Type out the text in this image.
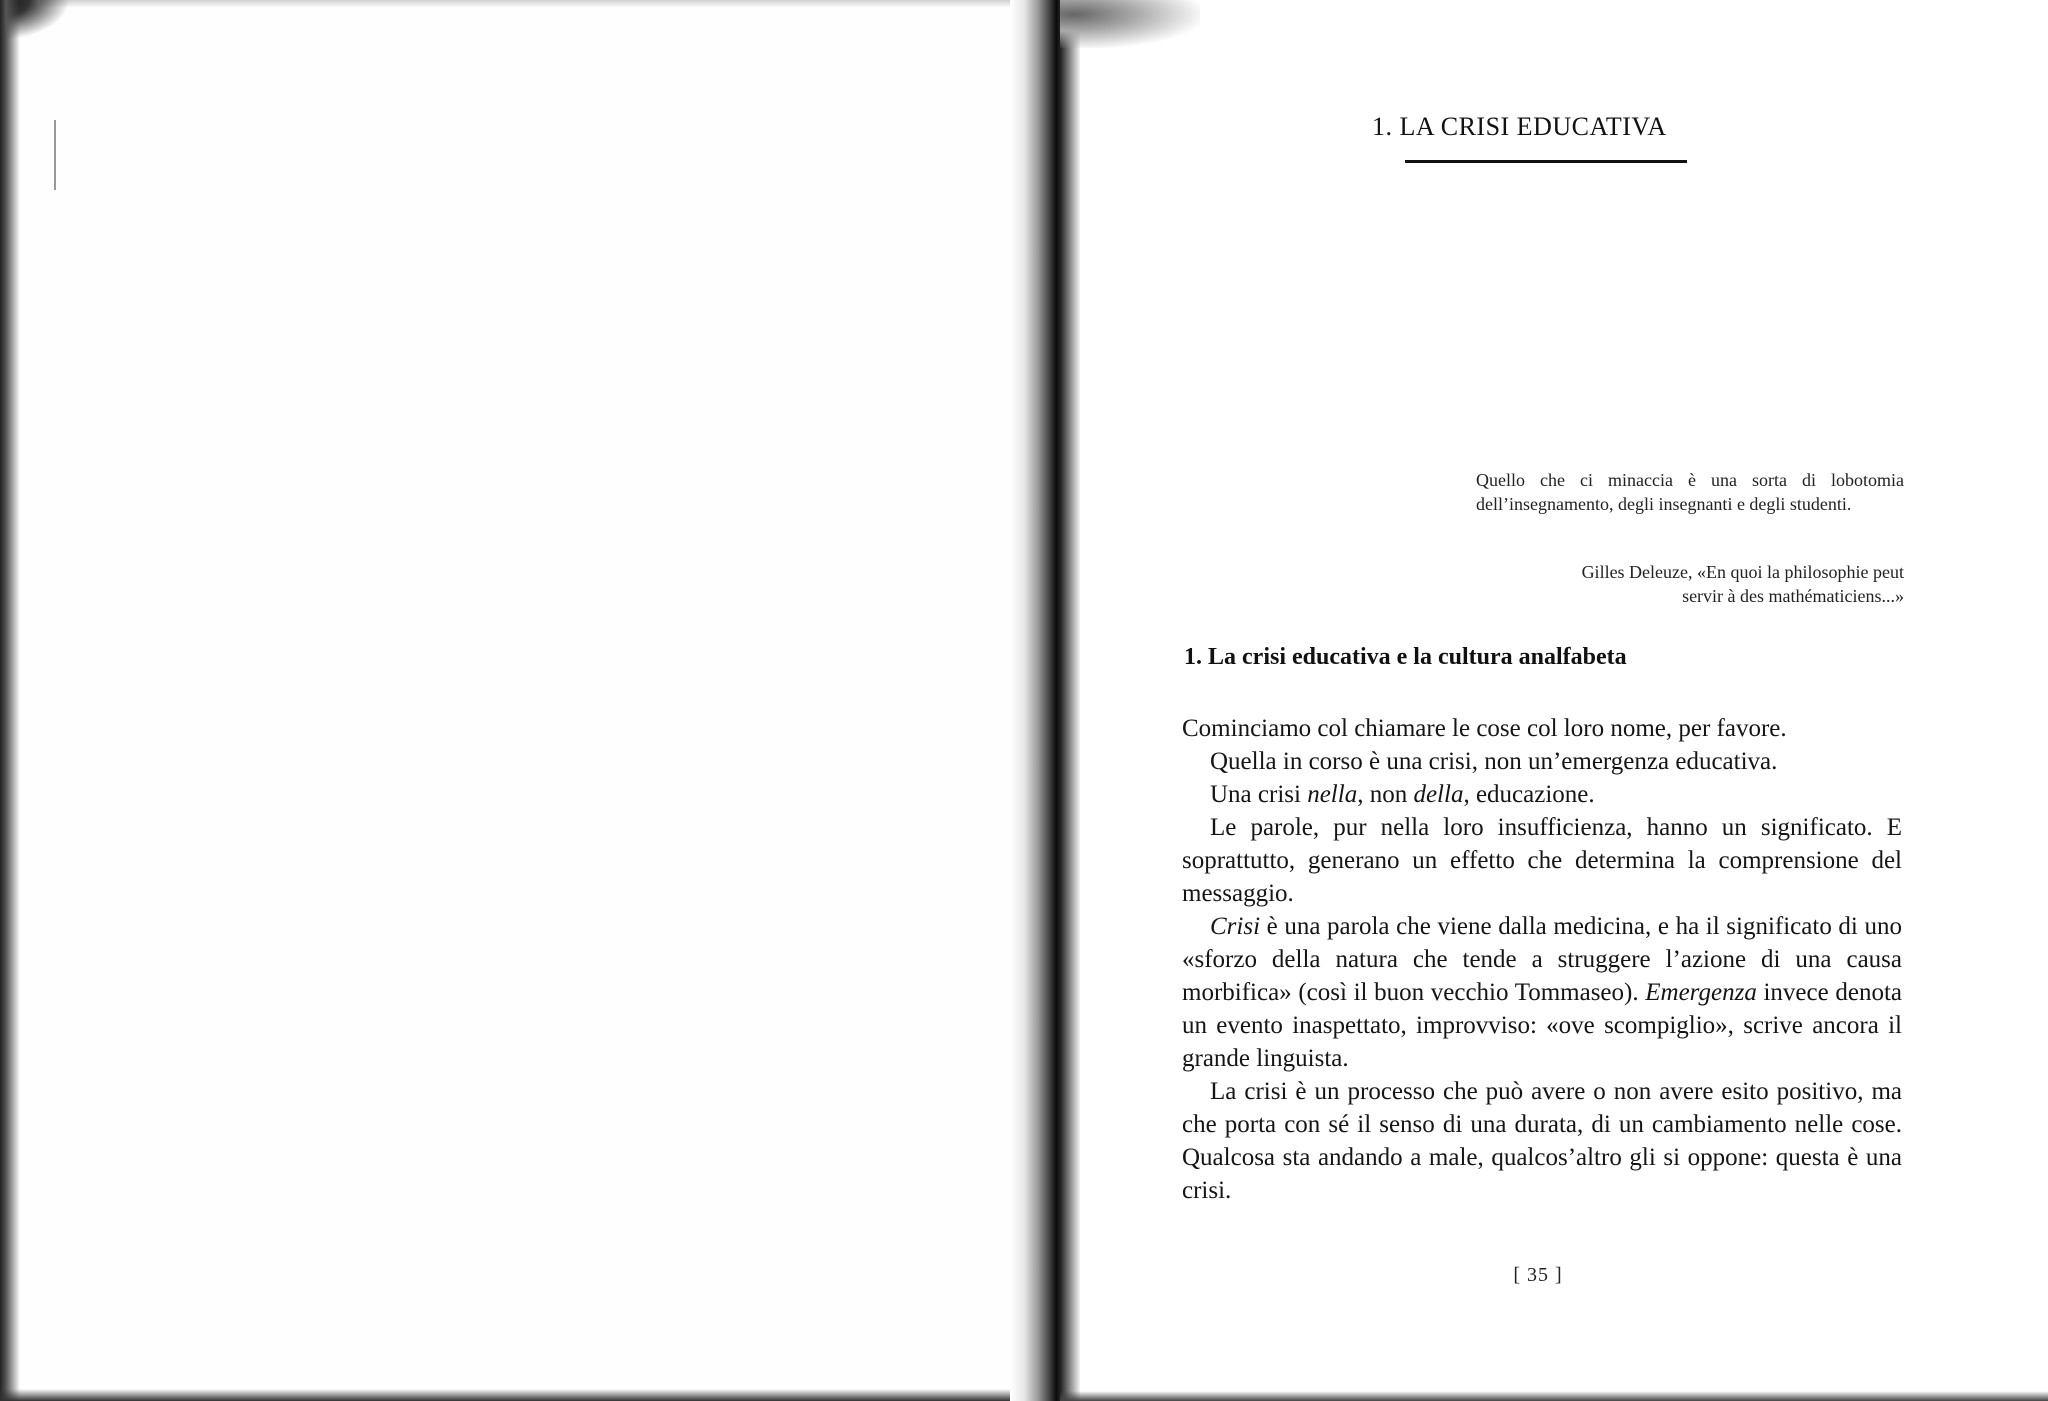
1. LA CRISI EDUCATIVA
Quello che ci minaccia è una sorta di lobotomia dell’insegnamento, degli insegnanti e degli studenti.
Gilles Deleuze, «En quoi la philosophie peut
servir à des mathématiciens...»
1. La crisi educativa e la cultura analfabeta

Cominciamo col chiamare le cose col loro nome, per favore.

Quella in corso è una crisi, non un’emergenza educativa.

Una crisi nella, non della, educazione.

Le parole, pur nella loro insufficienza, hanno un significato. E soprattutto, generano un effetto che determina la comprensione del messaggio.

Crisi è una parola che viene dalla medicina, e ha il significato di uno «sforzo della natura che tende a struggere l’azione di una causa morbifica» (così il buon vecchio Tommaseo). Emergenza invece denota un evento inaspettato, improvviso: «ove scompiglio», scrive ancora il grande linguista.

La crisi è un processo che può avere o non avere esito positivo, ma che porta con sé il senso di una durata, di un cambiamento nelle cose. Qualcosa sta andando a male, qualcos’altro gli si oppone: questa è una crisi.

[ 35 ]
